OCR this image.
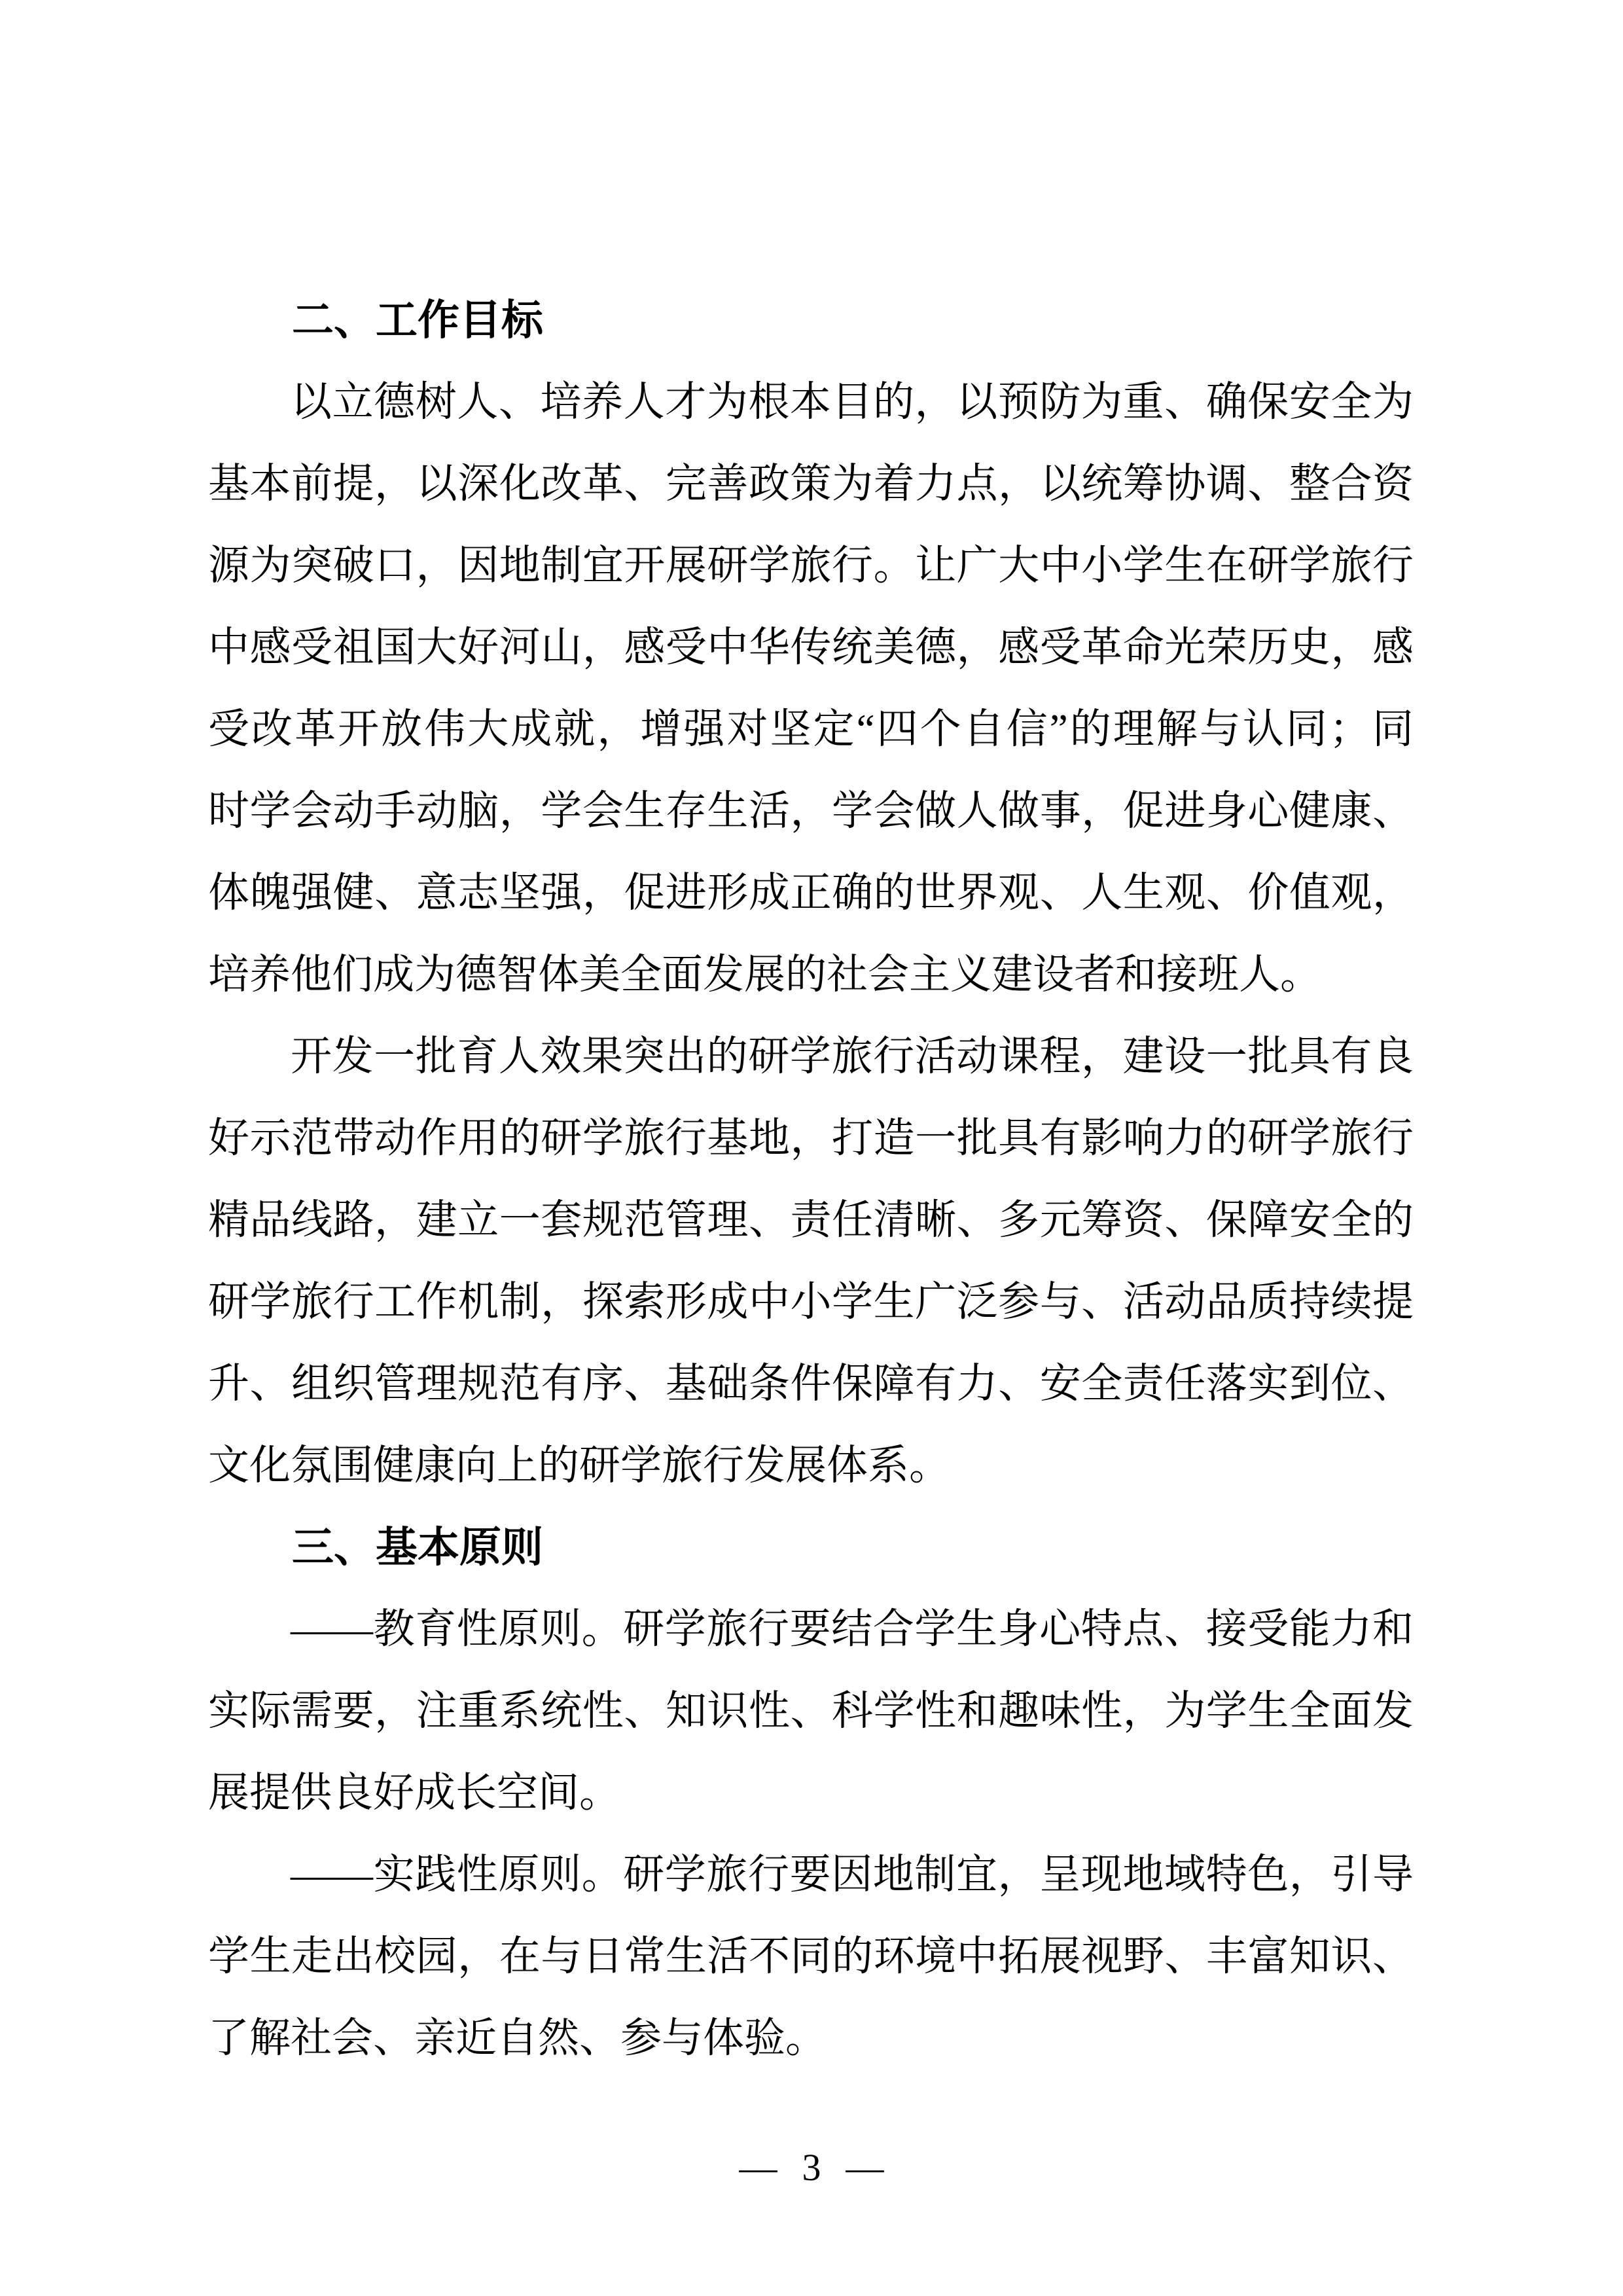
二、工作目标
以立德树人、培养人才为根本目的，以预防为重、确保安全为
基本前提，以深化改革、完善政策为着力点，以统筹协调、整合资
源为突破口，因地制宜开展研学旅行。让广大中小学生在研学旅行
中感受祖国大好河山，感受中华传统美德，感受革命光荣历史，感
受改革开放伟大成就，增强对坚定“四个自信”的理解与认同；同
时学会动手动脑，学会生存生活，学会做人做事，促进身心健康、
体魄强健、意志坚强，促进形成正确的世界观、人生观、价值观，
培养他们成为德智体美全面发展的社会主义建设者和接班人。
开发一批育人效果突出的研学旅行活动课程，建设一批具有良
好示范带动作用的研学旅行基地，打造一批具有影响力的研学旅行
精品线路，建立一套规范管理、责任清晰、多元筹资、保障安全的
研学旅行工作机制，探索形成中小学生广泛参与、活动品质持续提
升、组织管理规范有序、基础条件保障有力、安全责任落实到位、
文化氛围健康向上的研学旅行发展体系。
三、基本原则
——教育性原则。研学旅行要结合学生身心特点、接受能力和
实际需要，注重系统性、知识性、科学性和趣味性，为学生全面发
展提供良好成长空间。
——实践性原则。研学旅行要因地制宜，呈现地域特色，引导
学生走出校园，在与日常生活不同的环境中拓展视野、丰富知识、
了解社会、亲近自然、参与体验。
— 3 —
